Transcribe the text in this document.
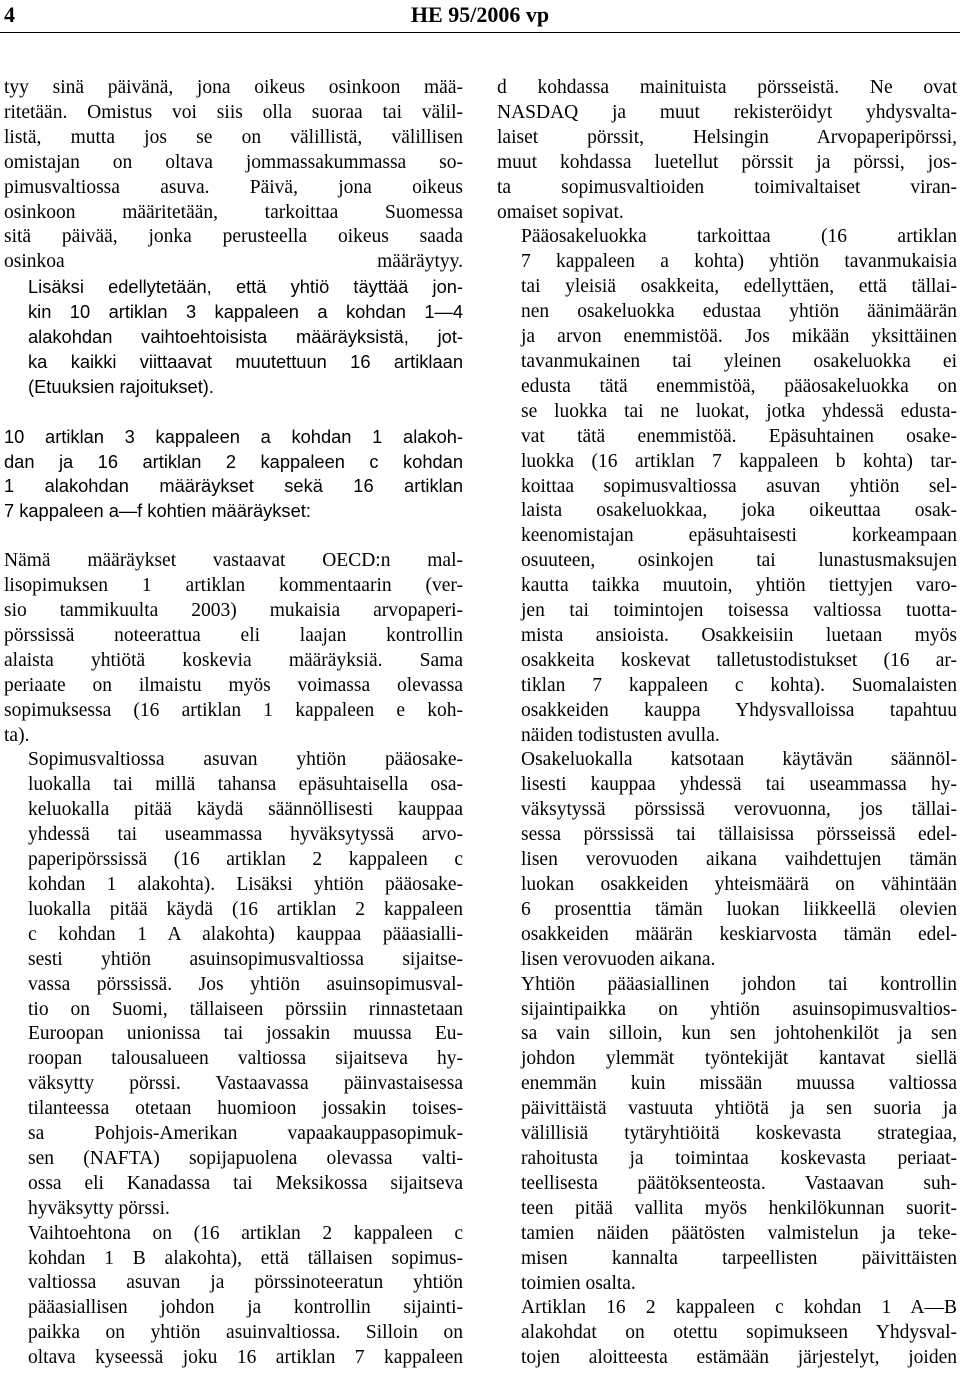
4	HE 95/2006 vp
tyy sinä päivänä, jona oikeus osinkoon mää-
ritetään. Omistus voi siis olla suoraa tai välil-
listä, mutta jos se on välillistä, välillisen
omistajan on oltava jommassakummassa so-
pimusvaltiossa asuva. Päivä, jona oikeus
osinkoon määritetään, tarkoittaa Suomessa
sitä päivää, jonka perusteella oikeus saada
osinkoa määräytyy.
Lisäksi edellytetään, että yhtiö täyttää jon-
kin 10 artiklan 3 kappaleen a kohdan 1—4
alakohdan vaihtoehtoisista määräyksistä, jot-
ka kaikki viittaavat muutettuun 16 artiklaan
(Etuuksien rajoitukset).
10 artiklan 3 kappaleen a kohdan 1 alakoh-
dan ja 16 artiklan 2 kappaleen c kohdan
1 alakohdan määräykset sekä 16 artiklan
7 kappaleen a—f kohtien määräykset:
Nämä määräykset vastaavat OECD:n mal-
lisopimuksen 1 artiklan kommentaarin (ver-
sio tammikuulta 2003) mukaisia arvopaperi-
pörssissä noteerattua eli laajan kontrollin
alaista yhtiötä koskevia määräyksiä. Sama
periaate on ilmaistu myös voimassa olevassa
sopimuksessa (16 artiklan 1 kappaleen e koh-
ta).
Sopimusvaltiossa asuvan yhtiön pääosake-
luokalla tai millä tahansa epäsuhtaisella osa-
keluokalla pitää käydä säännöllisesti kauppaa
yhdessä tai useammassa hyväksytyssä arvo-
paperipörssissä (16 artiklan 2 kappaleen c
kohdan 1 alakohta). Lisäksi yhtiön pääosake-
luokalla pitää käydä (16 artiklan 2 kappaleen
c kohdan 1 A alakohta) kauppaa pääasialli-
sesti yhtiön asuinsopimusvaltiossa sijaitse-
vassa pörssissä. Jos yhtiön asuinsopimusval-
tio on Suomi, tällaiseen pörssiin rinnastetaan
Euroopan unionissa tai jossakin muussa Eu-
roopan talousalueen valtiossa sijaitseva hy-
väksytty pörssi. Vastaavassa päinvastaisessa
tilanteessa otetaan huomioon jossakin toises-
sa Pohjois-Amerikan vapaakauppasopimuk-
sen (NAFTA) sopijapuolena olevassa valti-
ossa eli Kanadassa tai Meksikossa sijaitseva
hyväksytty pörssi.
Vaihtoehtona on (16 artiklan 2 kappaleen c
kohdan 1 B alakohta), että tällaisen sopimus-
valtiossa asuvan ja pörssinoteeratun yhtiön
pääasiallisen johdon ja kontrollin sijainti-
paikka on yhtiön asuinvaltiossa. Silloin on
oltava kyseessä joku 16 artiklan 7 kappaleen
d kohdassa mainituista pörsseistä. Ne ovat
NASDAQ ja muut rekisteröidyt yhdysvalta-
laiset pörssit, Helsingin Arvopaperipörssi,
muut kohdassa luetellut pörssit ja pörssi, jos-
ta sopimusvaltioiden toimivaltaiset viran-
omaiset sopivat.
Pääosakeluokka tarkoittaa (16 artiklan
7 kappaleen a kohta) yhtiön tavanmukaisia
tai yleisiä osakkeita, edellyttäen, että tällai-
nen osakeluokka edustaa yhtiön äänimäärän
ja arvon enemmistöä. Jos mikään yksittäinen
tavanmukainen tai yleinen osakeluokka ei
edusta tätä enemmistöä, pääosakeluokka on
se luokka tai ne luokat, jotka yhdessä edusta-
vat tätä enemmistöä. Epäsuhtainen osake-
luokka (16 artiklan 7 kappaleen b kohta) tar-
koittaa sopimusvaltiossa asuvan yhtiön sel-
laista osakeluokkaa, joka oikeuttaa osak-
keenomistajan epäsuhtaisesti korkeampaan
osuuteen, osinkojen tai lunastusmaksujen
kautta taikka muutoin, yhtiön tiettyjen varo-
jen tai toimintojen toisessa valtiossa tuotta-
mista ansioista. Osakkeisiin luetaan myös
osakkeita koskevat talletustodistukset (16 ar-
tiklan 7 kappaleen c kohta). Suomalaisten
osakkeiden kauppa Yhdysvalloissa tapahtuu
näiden todistusten avulla.
Osakeluokalla katsotaan käytävän säännöl-
lisesti kauppaa yhdessä tai useammassa hy-
väksytyssä pörssissä verovuonna, jos tällai-
sessa pörssissä tai tällaisissa pörsseissä edel-
lisen verovuoden aikana vaihdettujen tämän
luokan osakkeiden yhteismäärä on vähintään
6 prosenttia tämän luokan liikkeellä olevien
osakkeiden määrän keskiarvosta tämän edel-
lisen verovuoden aikana.
Yhtiön pääasiallinen johdon tai kontrollin
sijaintipaikka on yhtiön asuinsopimusvaltios-
sa vain silloin, kun sen johtohenkilöt ja sen
johdon ylemmät työntekijät kantavat siellä
enemmän kuin missään muussa valtiossa
päivittäistä vastuuta yhtiötä ja sen suoria ja
välillisiä tytäryhtiöitä koskevasta strategiaa,
rahoitusta ja toimintaa koskevasta periaat-
teellisesta päätöksenteosta. Vastaavan suh-
teen pitää vallita myös henkilökunnan suorit-
tamien näiden päätösten valmistelun ja teke-
misen kannalta tarpeellisten päivittäisten
toimien osalta.
Artiklan 16 2 kappaleen c kohdan 1 A—B
alakohdat on otettu sopimukseen Yhdysval-
tojen aloitteesta estämään järjestelyt, joiden
